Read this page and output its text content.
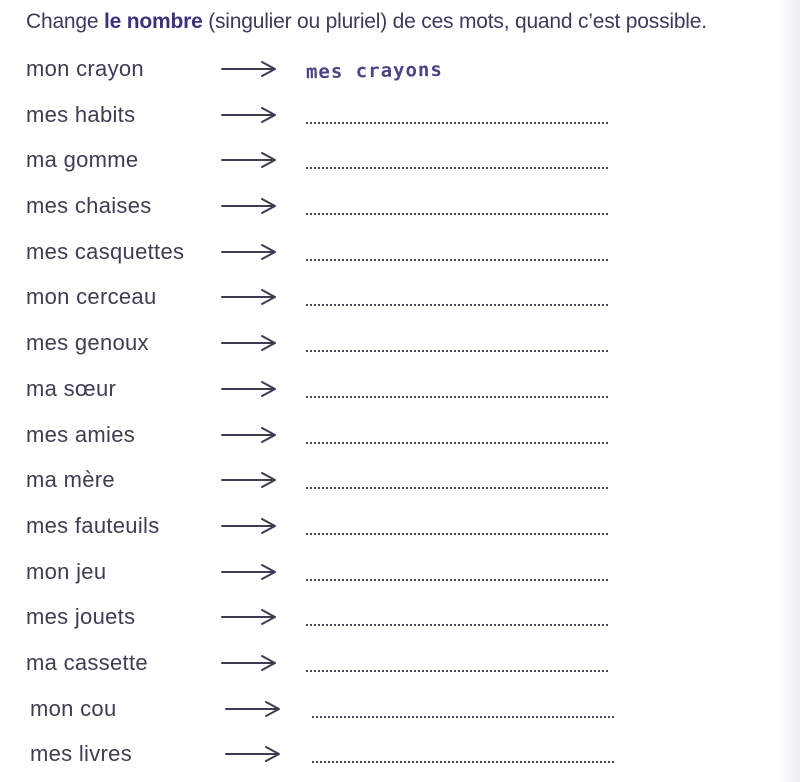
Change le nombre (singulier ou pluriel) de ces mots, quand c’est possible.
mon crayon	mes crayons
mes habits
ma gomme
mes chaises
mes casquettes
mon cerceau
mes genoux
ma sœur
mes amies
ma mère
mes fauteuils
mon jeu
mes jouets
ma cassette
mon cou
mes livres
